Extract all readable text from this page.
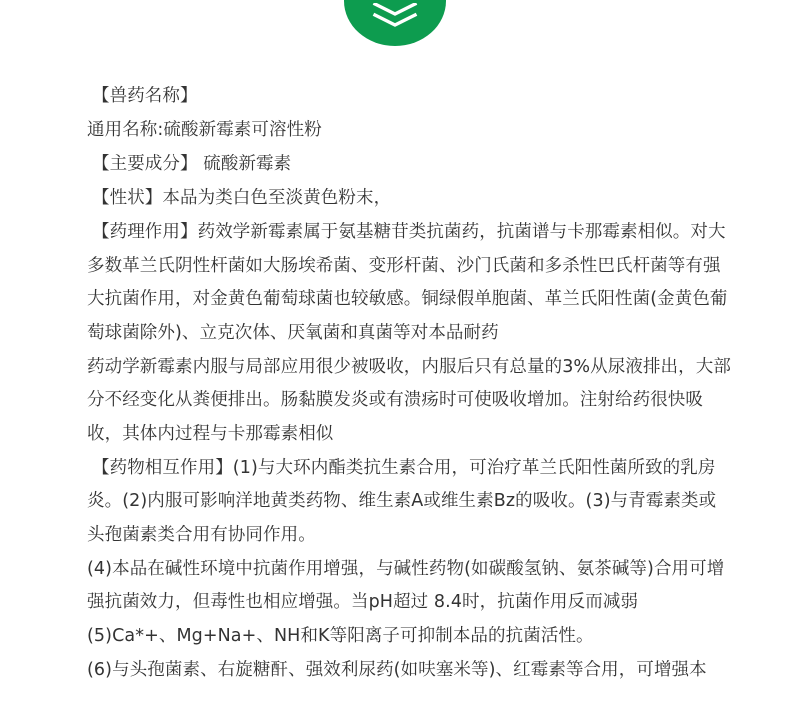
【兽药名称】

通用名称:硫酸新霉素可溶性粉

【主要成分】 硫酸新霉素

【性状】本品为类白色至淡黄色粉末，

【药理作用】药效学新霉素属于氨基糖苷类抗菌药，抗菌谱与卡那霉素相似。对大多数革兰氏阴性杆菌如大肠埃希菌、变形杆菌、沙门氏菌和多杀性巴氏杆菌等有强大抗菌作用，对金黄色葡萄球菌也较敏感。铜绿假单胞菌、革兰氏阳性菌(金黄色葡萄球菌除外)、立克次体、厌氧菌和真菌等对本品耐药

药动学新霉素内服与局部应用很少被吸收，内服后只有总量的3%从尿液排出，大部分不经变化从粪便排出。肠黏膜发炎或有溃疡时可使吸收增加。注射给药很快吸收，其体内过程与卡那霉素相似

【药物相互作用】(1)与大环内酯类抗生素合用，可治疗革兰氏阳性菌所致的乳房炎。(2)内服可影响洋地黄类药物、维生素A或维生素Bz的吸收。(3)与青霉素类或头孢菌素类合用有协同作用。

(4)本品在碱性环境中抗菌作用增强，与碱性药物(如碳酸氢钠、氨茶碱等)合用可增强抗菌效力，但毒性也相应增强。当pH超过 8.4时，抗菌作用反而减弱

(5)Ca*+、Mg+Na+、NH和K等阳离子可抑制本品的抗菌活性。

(6)与头孢菌素、右旋糖酐、强效利尿药(如呋塞米等)、红霉素等合用，可增强本
